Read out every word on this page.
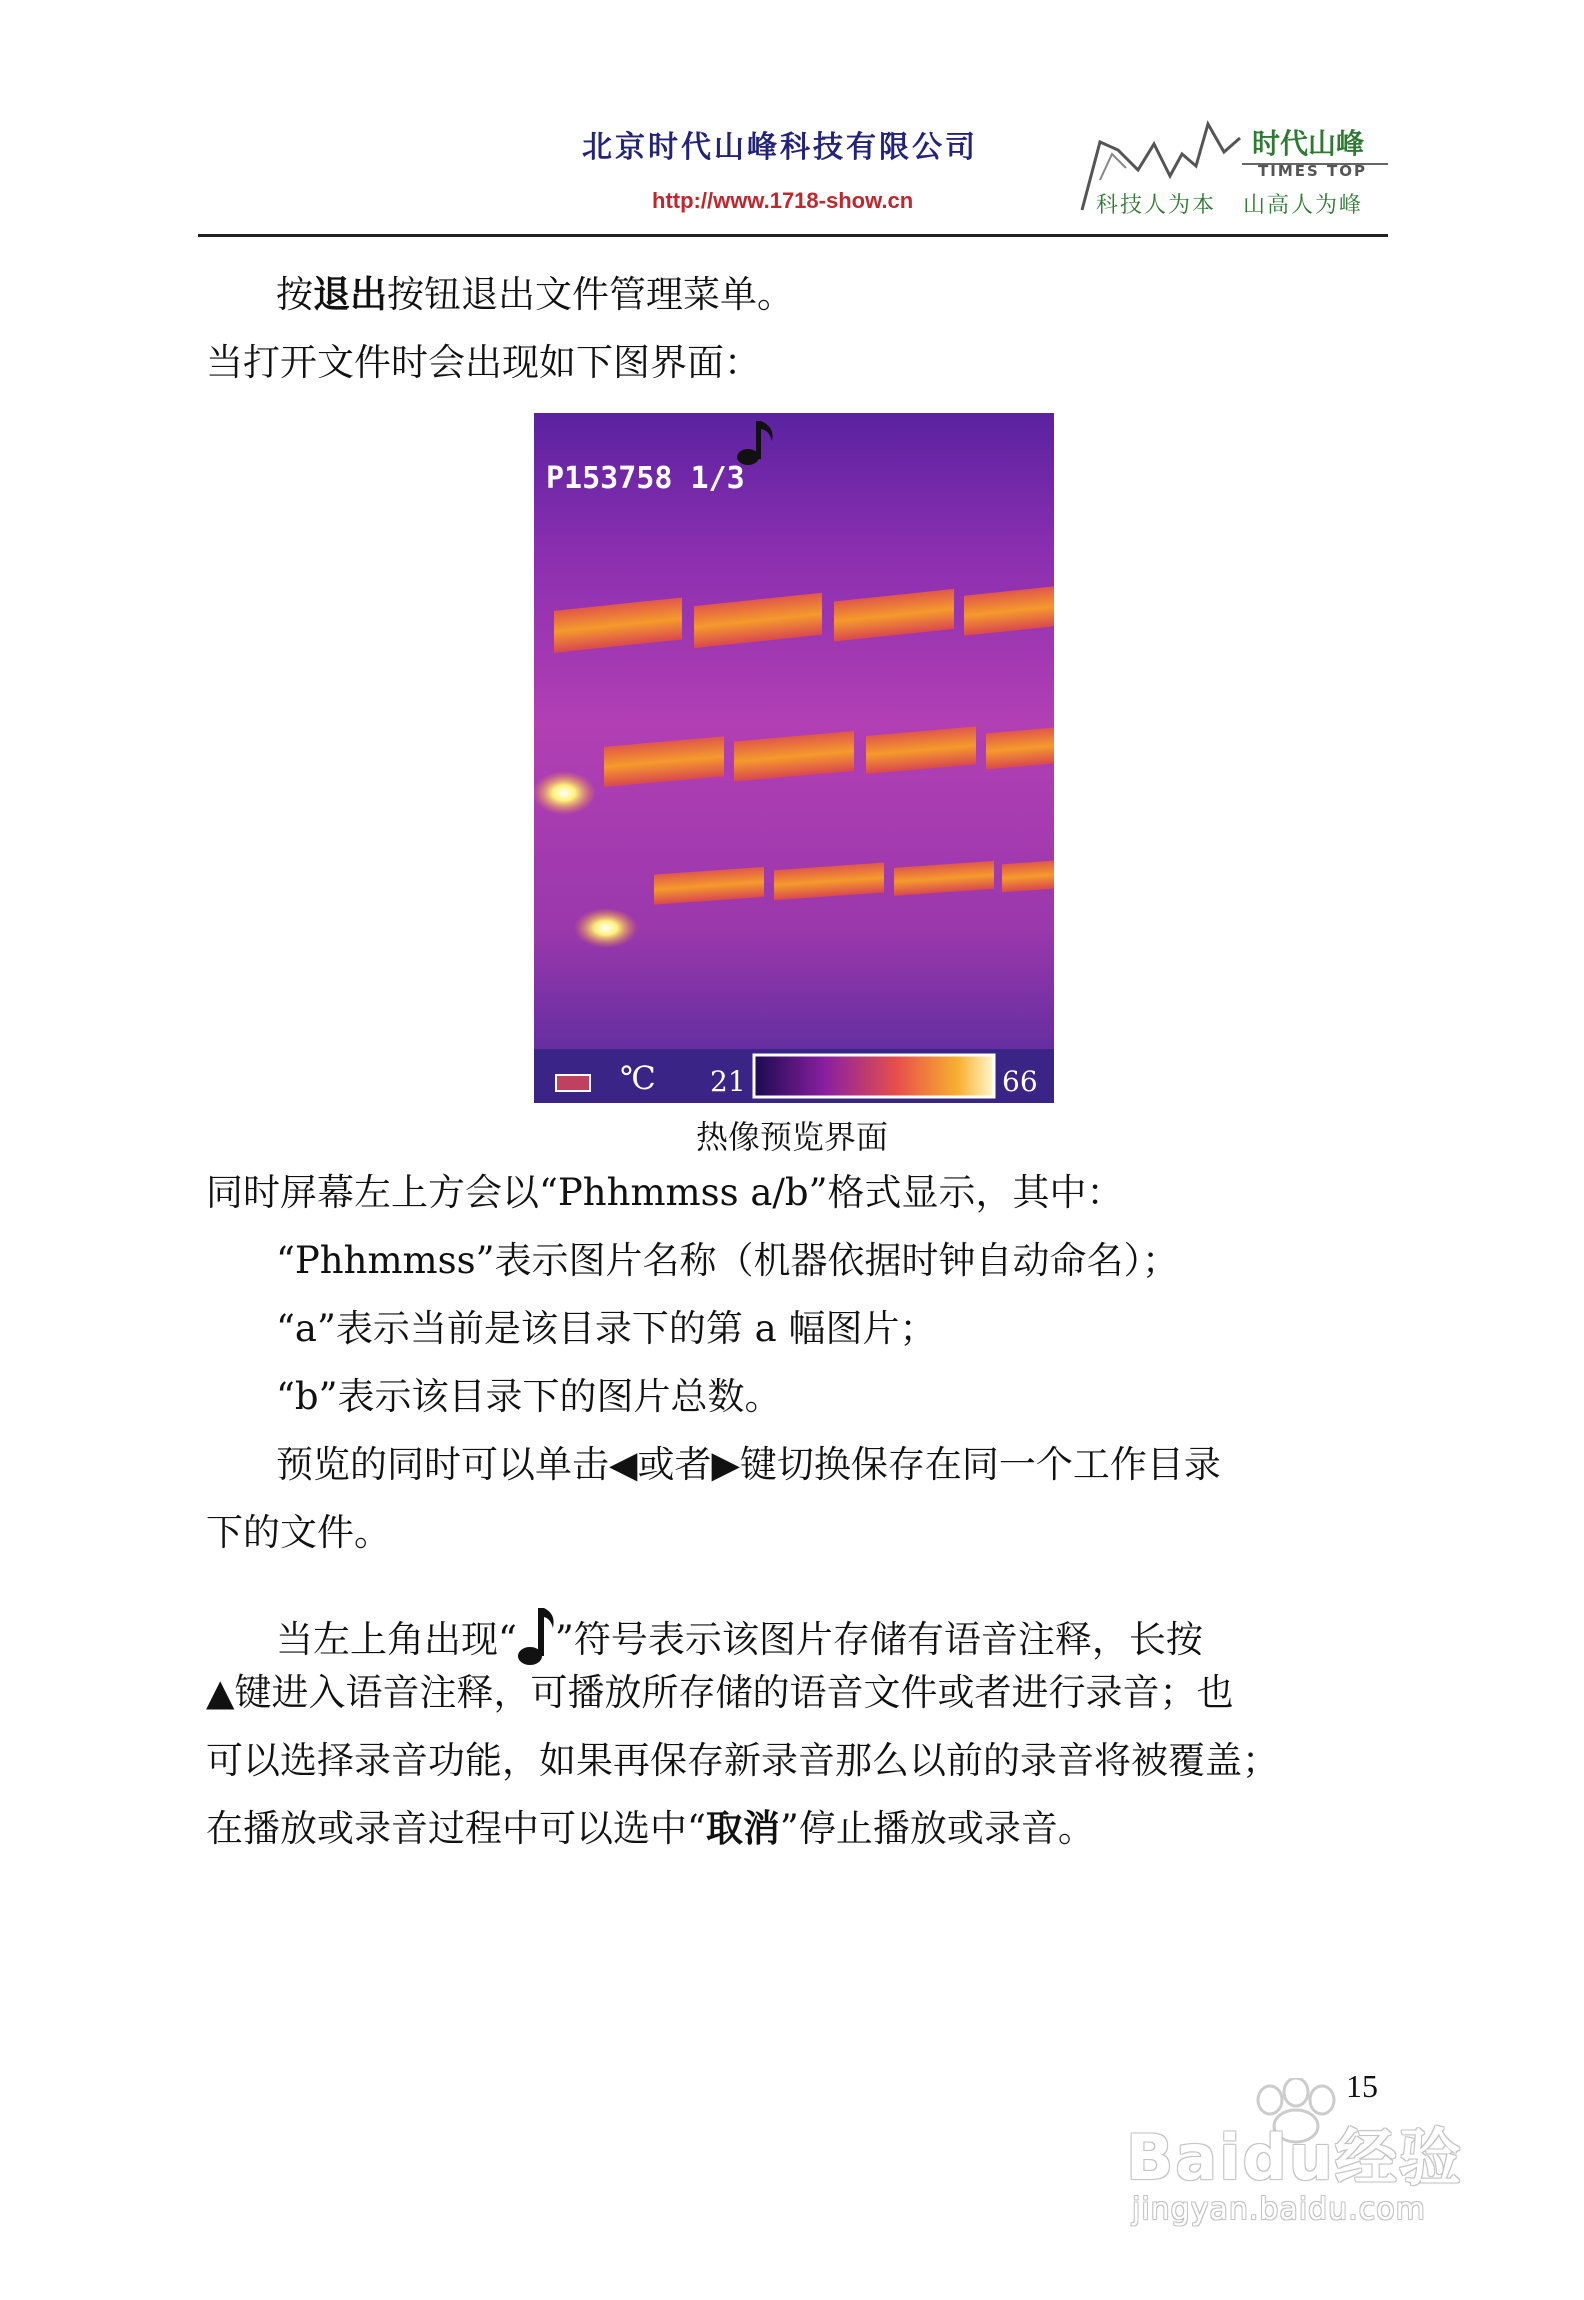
北京时代山峰科技有限公司
http://www.1718-show.cn
时代山峰
TIMES TOP
科技人为本 山高人为峰
按退出按钮退出文件管理菜单。
当打开文件时会出现如下图界面：
P153758 1/3
℃ 21	66
热像预览界面
同时屏幕左上方会以“Phhmmss a/b”格式显示，其中：
“Phhmmss”表示图片名称（机器依据时钟自动命名）；
“a”表示当前是该目录下的第 a 幅图片；
“b”表示该目录下的图片总数。
预览的同时可以单击◀或者▶键切换保存在同一个工作目录
下的文件。
当左上角出现“ ”符号表示该图片存储有语音注释，长按
▲键进入语音注释，可播放所存储的语音文件或者进行录音；也
可以选择录音功能，如果再保存新录音那么以前的录音将被覆盖；
在播放或录音过程中可以选中“取消”停止播放或录音。
15
Baidu经验
jingyan.baidu.com
